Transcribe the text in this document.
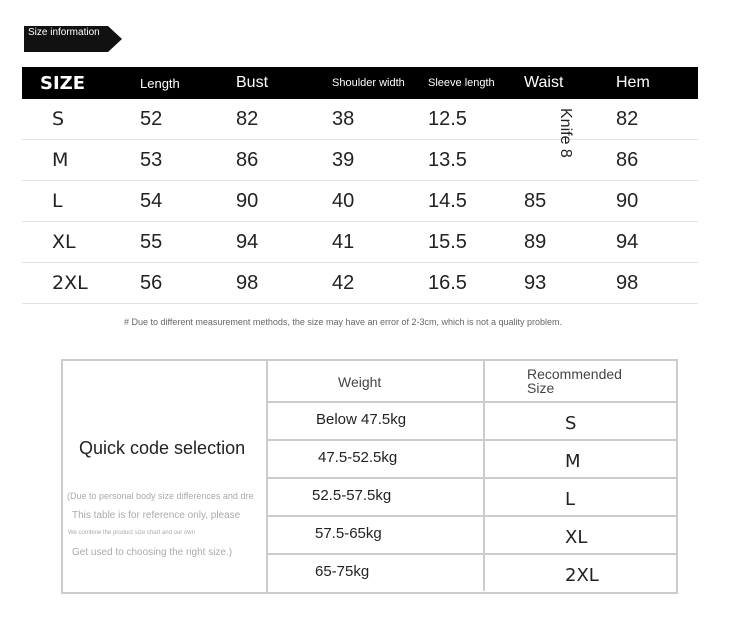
Size information
SIZE	Length	Bust	Shoulder width	Sleeve length	Waist	Hem
S	52	82	38	12.5		82
M	53	86	39	13.5		86
L	54	90	40	14.5	85	90
XL	55	94	41	15.5	89	94
2XL	56	98	42	16.5	93	98
Knife 8
# Due to different measurement methods, the size may have an error of 2-3cm, which is not a quality problem.
Quick code selection
(Due to personal body size differences and dre
This table is for reference only, please
We combine the product size chart and our own
Get used to choosing the right size.)
Weight	Recommended Size
Below 47.5kg	S
47.5-52.5kg	M
52.5-57.5kg	L
57.5-65kg	XL
65-75kg	2XL
